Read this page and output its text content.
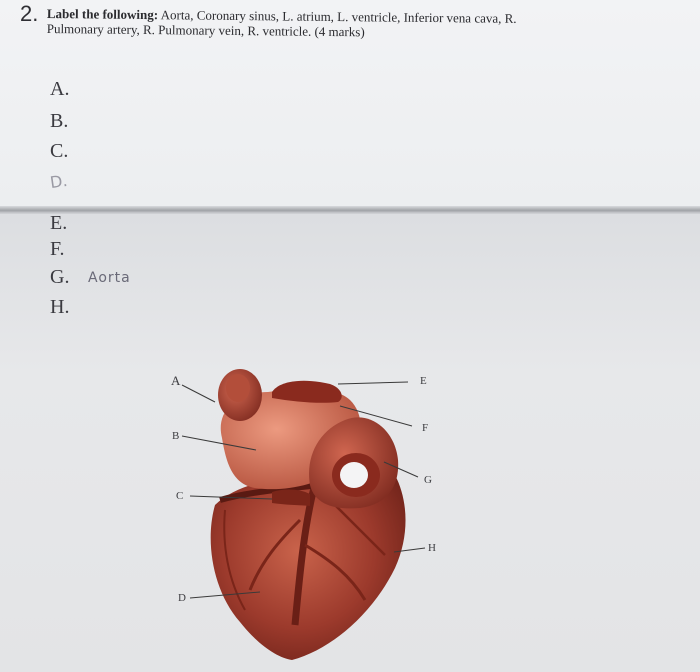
2. Label the following: Aorta, Coronary sinus, L. atrium, L. ventricle, Inferior vena cava, R. Pulmonary artery, R. Pulmonary vein, R. ventricle. (4 marks)
A.
B.
C.
D.
E.
F.
G. Aorta
H.
A
B
C
D
E
F
G
H
